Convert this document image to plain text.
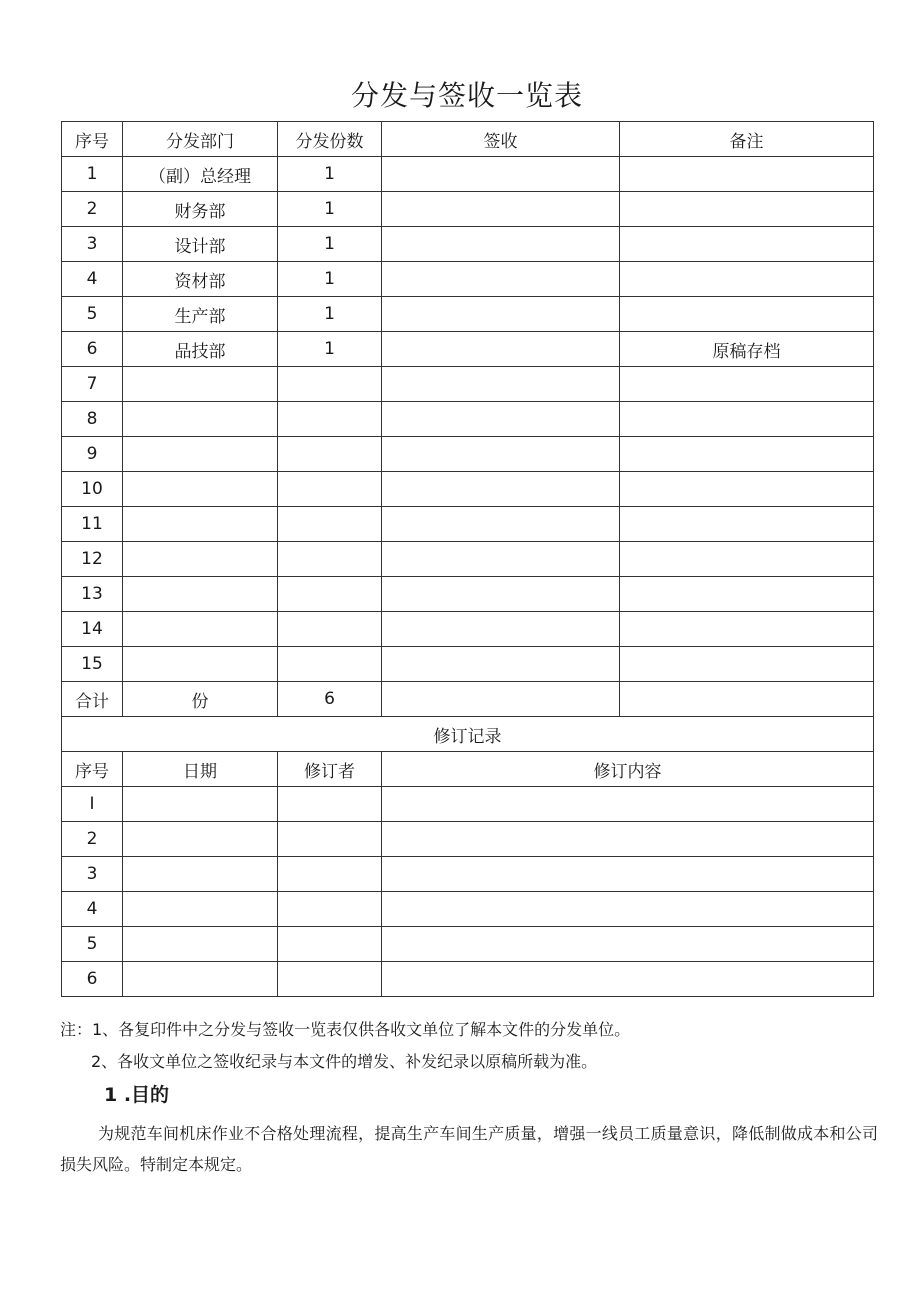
分发与签收一览表
序号	分发部门	分发份数	签收	备注
1	（副）总经理	1		
2	财务部	1		
3	设计部	1		
4	资材部	1		
5	生产部	1		
6	品技部	1		原稿存档
7				
8				
9				
10				
11				
12				
13				
14				
15				
合计	份	6		
修订记录				
序号	日期	修订者	修订内容	
I				
2				
3				
4				
5				
6				

注：1、各复印件中之分发与签收一览表仅供各收文单位了解本文件的分发单位。

2、各收文单位之签收纪录与本文件的增发、补发纪录以原稿所载为准。

1 .目的
为规范车间机床作业不合格处理流程，提高生产车间生产质量，增强一线员工质量意识，降低制做成本和公司损失风险。特制定本规定。
